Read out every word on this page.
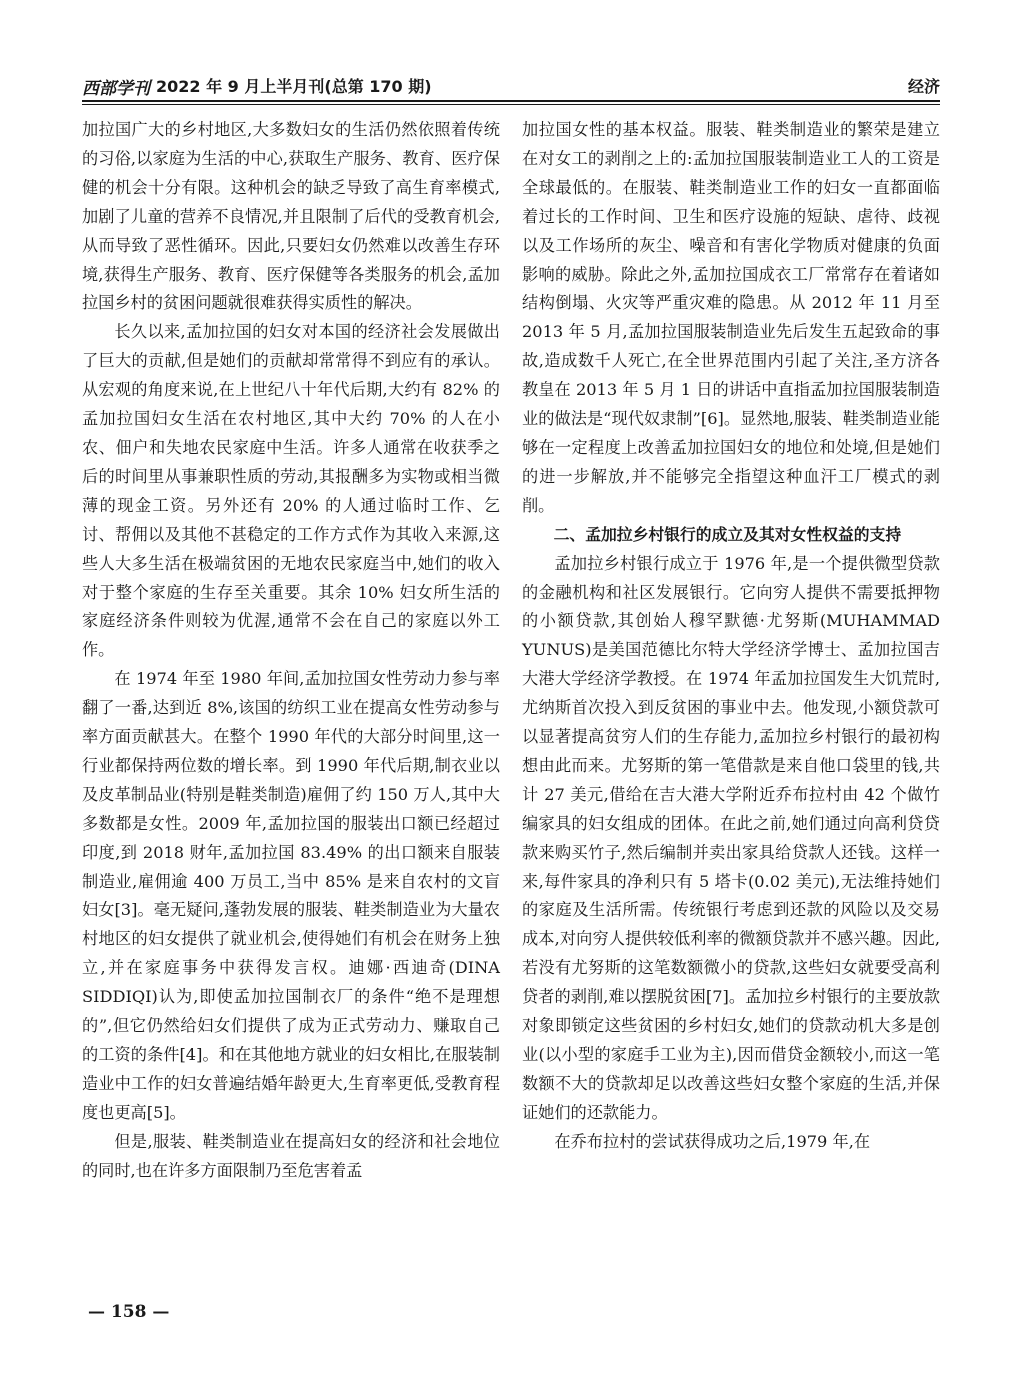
西部学刊 2022 年 9 月上半月刊(总第 170 期)	经济

加拉国广大的乡村地区,大多数妇女的生活仍然依照着传统的习俗,以家庭为生活的中心,获取生产服务、教育、医疗保健的机会十分有限。这种机会的缺乏导致了高生育率模式,加剧了儿童的营养不良情况,并且限制了后代的受教育机会,从而导致了恶性循环。因此,只要妇女仍然难以改善生存环境,获得生产服务、教育、医疗保健等各类服务的机会,孟加拉国乡村的贫困问题就很难获得实质性的解决。

长久以来,孟加拉国的妇女对本国的经济社会发展做出了巨大的贡献,但是她们的贡献却常常得不到应有的承认。从宏观的角度来说,在上世纪八十年代后期,大约有 82% 的孟加拉国妇女生活在农村地区,其中大约 70% 的人在小农、佃户和失地农民家庭中生活。许多人通常在收获季之后的时间里从事兼职性质的劳动,其报酬多为实物或相当微薄的现金工资。另外还有 20% 的人通过临时工作、乞讨、帮佣以及其他不甚稳定的工作方式作为其收入来源,这些人大多生活在极端贫困的无地农民家庭当中,她们的收入对于整个家庭的生存至关重要。其余 10% 妇女所生活的家庭经济条件则较为优渥,通常不会在自己的家庭以外工作。

在 1974 年至 1980 年间,孟加拉国女性劳动力参与率翻了一番,达到近 8%,该国的纺织工业在提高女性劳动参与率方面贡献甚大。在整个 1990 年代的大部分时间里,这一行业都保持两位数的增长率。到 1990 年代后期,制衣业以及皮革制品业(特别是鞋类制造)雇佣了约 150 万人,其中大多数都是女性。2009 年,孟加拉国的服装出口额已经超过印度,到 2018 财年,孟加拉国 83.49% 的出口额来自服装制造业,雇佣逾 400 万员工,当中 85% 是来自农村的文盲妇女[3]。毫无疑问,蓬勃发展的服装、鞋类制造业为大量农村地区的妇女提供了就业机会,使得她们有机会在财务上独立,并在家庭事务中获得发言权。迪娜·西迪奇(DINA SIDDIQI)认为,即使孟加拉国制衣厂的条件“绝不是理想的”,但它仍然给妇女们提供了成为正式劳动力、赚取自己的工资的条件[4]。和在其他地方就业的妇女相比,在服装制造业中工作的妇女普遍结婚年龄更大,生育率更低,受教育程度也更高[5]。

但是,服装、鞋类制造业在提高妇女的经济和社会地位的同时,也在许多方面限制乃至危害着孟

加拉国女性的基本权益。服装、鞋类制造业的繁荣是建立在对女工的剥削之上的:孟加拉国服装制造业工人的工资是全球最低的。在服装、鞋类制造业工作的妇女一直都面临着过长的工作时间、卫生和医疗设施的短缺、虐待、歧视以及工作场所的灰尘、噪音和有害化学物质对健康的负面影响的威胁。除此之外,孟加拉国成衣工厂常常存在着诸如结构倒塌、火灾等严重灾难的隐患。从 2012 年 11 月至 2013 年 5 月,孟加拉国服装制造业先后发生五起致命的事故,造成数千人死亡,在全世界范围内引起了关注,圣方济各教皇在 2013 年 5 月 1 日的讲话中直指孟加拉国服装制造业的做法是“现代奴隶制”[6]。显然地,服装、鞋类制造业能够在一定程度上改善孟加拉国妇女的地位和处境,但是她们的进一步解放,并不能够完全指望这种血汗工厂模式的剥削。

二、孟加拉乡村银行的成立及其对女性权益的支持

孟加拉乡村银行成立于 1976 年,是一个提供微型贷款的金融机构和社区发展银行。它向穷人提供不需要抵押物的小额贷款,其创始人穆罕默德·尤努斯(MUHAMMAD YUNUS)是美国范德比尔特大学经济学博士、孟加拉国吉大港大学经济学教授。在 1974 年孟加拉国发生大饥荒时,尤纳斯首次投入到反贫困的事业中去。他发现,小额贷款可以显著提高贫穷人们的生存能力,孟加拉乡村银行的最初构想由此而来。尤努斯的第一笔借款是来自他口袋里的钱,共计 27 美元,借给在吉大港大学附近乔布拉村由 42 个做竹编家具的妇女组成的团体。在此之前,她们通过向高利贷贷款来购买竹子,然后编制并卖出家具给贷款人还钱。这样一来,每件家具的净利只有 5 塔卡(0.02 美元),无法维持她们的家庭及生活所需。传统银行考虑到还款的风险以及交易成本,对向穷人提供较低利率的微额贷款并不感兴趣。因此,若没有尤努斯的这笔数额微小的贷款,这些妇女就要受高利贷者的剥削,难以摆脱贫困[7]。孟加拉乡村银行的主要放款对象即锁定这些贫困的乡村妇女,她们的贷款动机大多是创业(以小型的家庭手工业为主),因而借贷金额较小,而这一笔数额不大的贷款却足以改善这些妇女整个家庭的生活,并保证她们的还款能力。

在乔布拉村的尝试获得成功之后,1979 年,在

— 158 —
